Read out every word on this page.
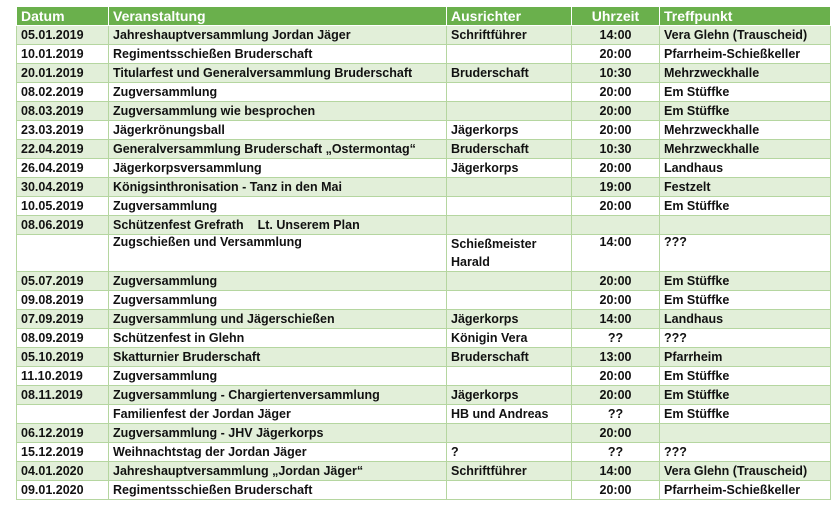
Datum	Veranstaltung	Ausrichter	Uhrzeit	Treffpunkt
05.01.2019	Jahreshauptversammlung Jordan Jäger	Schriftführer	14:00	Vera Glehn (Trauscheid)
10.01.2019	Regimentsschießen Bruderschaft		20:00	Pfarrheim-Schießkeller
20.01.2019	Titularfest und Generalversammlung Bruderschaft	Bruderschaft	10:30	Mehrzweckhalle
08.02.2019	Zugversammlung		20:00	Em Stüffke
08.03.2019	Zugversammlung wie besprochen		20:00	Em Stüffke
23.03.2019	Jägerkrönungsball	Jägerkorps	20:00	Mehrzweckhalle
22.04.2019	Generalversammlung Bruderschaft „Ostermontag“	Bruderschaft	10:30	Mehrzweckhalle
26.04.2019	Jägerkorpsversammlung	Jägerkorps	20:00	Landhaus
30.04.2019	Königsinthronisation - Tanz in den Mai		19:00	Festzelt
10.05.2019	Zugversammlung		20:00	Em Stüffke
08.06.2019	Schützenfest Grefrath Lt. Unserem Plan			
	Zugschießen und Versammlung	Schießmeister Harald	14:00	???
05.07.2019	Zugversammlung		20:00	Em Stüffke
09.08.2019	Zugversammlung		20:00	Em Stüffke
07.09.2019	Zugversammlung und Jägerschießen	Jägerkorps	14:00	Landhaus
08.09.2019	Schützenfest in Glehn	Königin Vera	??	???
05.10.2019	Skatturnier Bruderschaft	Bruderschaft	13:00	Pfarrheim
11.10.2019	Zugversammlung		20:00	Em Stüffke
08.11.2019	Zugversammlung - Chargiertenversammlung	Jägerkorps	20:00	Em Stüffke
	Familienfest der Jordan Jäger	HB und Andreas	??	Em Stüffke
06.12.2019	Zugversammlung - JHV Jägerkorps		20:00	
15.12.2019	Weihnachtstag der Jordan Jäger	?	??	???
04.01.2020	Jahreshauptversammlung „Jordan Jäger“	Schriftführer	14:00	Vera Glehn (Trauscheid)
09.01.2020	Regimentsschießen Bruderschaft		20:00	Pfarrheim-Schießkeller
